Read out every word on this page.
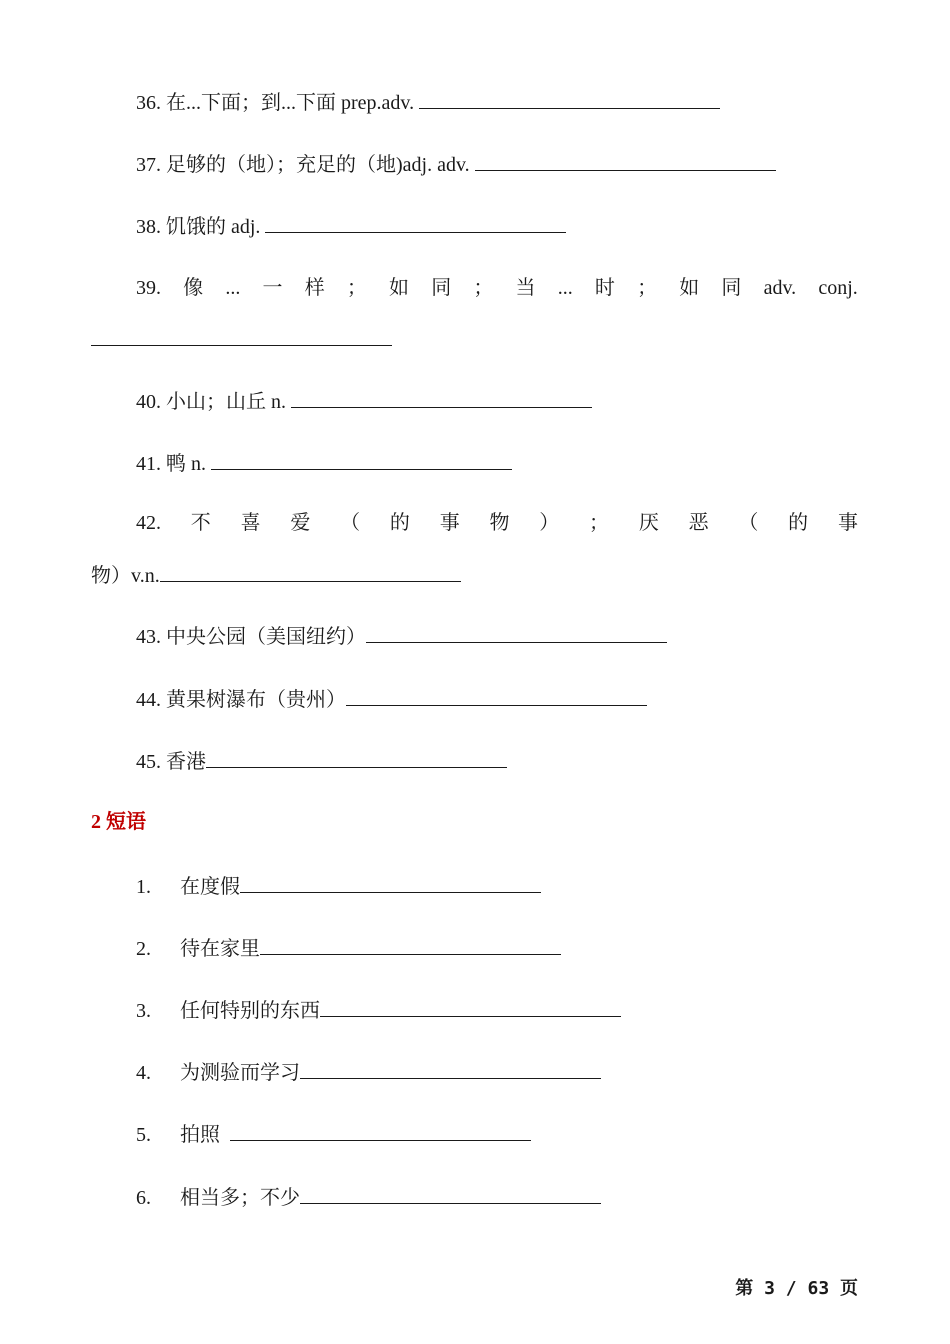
36. 在...下面；到...下面 prep.adv.
37. 足够的（地）；充足的（地)adj. adv.
38. 饥饿的 adj.
39. 像 ... 一 样 ； 如 同 ； 当 ... 时 ； 如 同 adv. conj.
40. 小山；山丘 n.
41. 鸭 n.
42. 不 喜 爱 （ 的 事 物 ） ； 厌 恶 （ 的 事
物）v.n.
43. 中央公园（美国纽约）
44. 黄果树瀑布（贵州）
45. 香港
2 短语
1. 在度假
2. 待在家里
3. 任何特别的东西
4. 为测验而学习
5. 拍照
6. 相当多；不少
第 3 / 63 页
